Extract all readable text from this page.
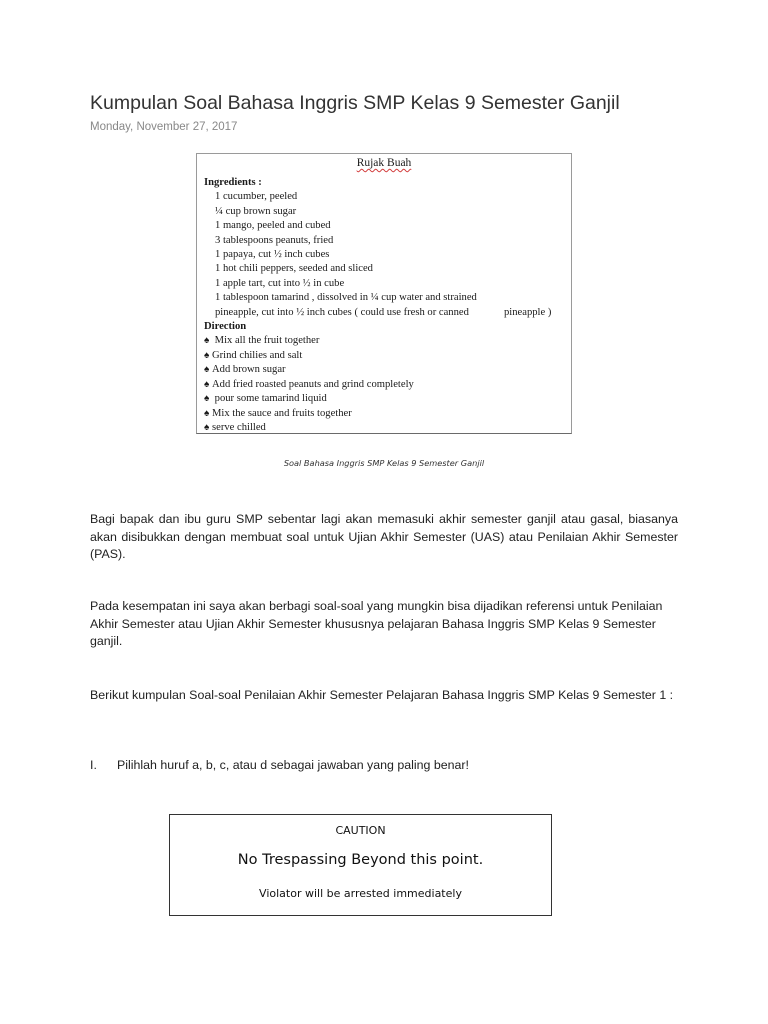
Kumpulan Soal Bahasa Inggris SMP Kelas 9 Semester Ganjil
Monday, November 27, 2017
Rujak Buah
Ingredients :
1 cucumber, peeled
¼ cup brown sugar
1 mango, peeled and cubed
3 tablespoons peanuts, fried
1 papaya, cut ½ inch cubes
1 hot chili peppers, seeded and sliced
1 apple tart, cut into ½ in cube
1 tablespoon tamarind , dissolved in ¼ cup water and strained
pineapple, cut into ½ inch cubes ( could use fresh or canned	pineapple )
Direction
♠ Mix all the fruit together
♠ Grind chilies and salt
♠ Add brown sugar
♠ Add fried roasted peanuts and grind completely
♠ pour some tamarind liquid
♠ Mix the sauce and fruits together
♠ serve chilled
Soal Bahasa Inggris SMP Kelas 9 Semester Ganjil

Bagi bapak dan ibu guru SMP sebentar lagi akan memasuki akhir semester ganjil atau gasal, biasanya akan disibukkan dengan membuat soal untuk Ujian Akhir Semester (UAS) atau Penilaian Akhir Semester (PAS).

Pada kesempatan ini saya akan berbagi soal-soal yang mungkin bisa dijadikan referensi untuk Penilaian Akhir Semester atau Ujian Akhir Semester khususnya pelajaran Bahasa Inggris SMP Kelas 9 Semester ganjil.

Berikut kumpulan Soal-soal Penilaian Akhir Semester Pelajaran Bahasa Inggris SMP Kelas 9 Semester 1 :

I. Pilihlah huruf a, b, c, atau d sebagai jawaban yang paling benar!
CAUTION
No Trespassing Beyond this point.
Violator will be arrested immediately
